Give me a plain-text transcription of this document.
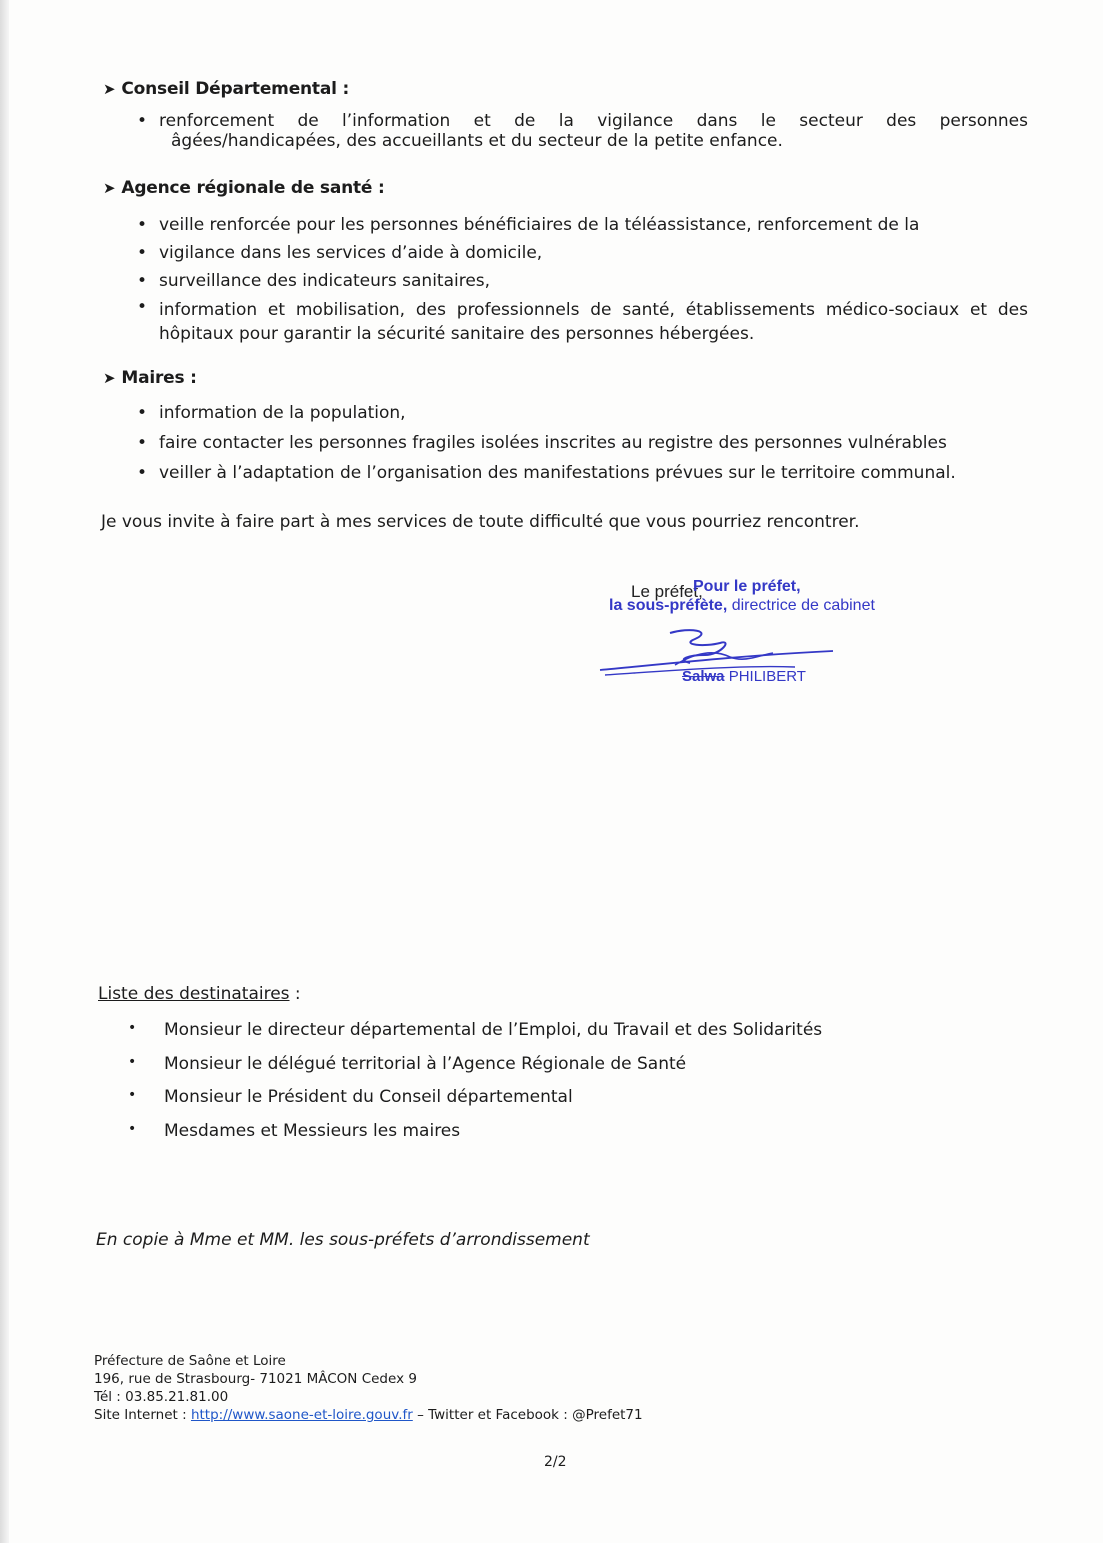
➤ Conseil Départemental :
• renforcement de l’information et de la vigilance dans le secteur des personnes
âgées/handicapées, des accueillants et du secteur de la petite enfance.
➤ Agence régionale de santé :
• veille renforcée pour les personnes bénéficiaires de la téléassistance, renforcement de la
• vigilance dans les services d’aide à domicile,
• surveillance des indicateurs sanitaires,
• information et mobilisation, des professionnels de santé, établissements médico-sociaux et des
hôpitaux pour garantir la sécurité sanitaire des personnes hébergées.
➤ Maires :
• information de la population,
• faire contacter les personnes fragiles isolées inscrites au registre des personnes vulnérables
• veiller à l’adaptation de l’organisation des manifestations prévues sur le territoire communal.
Je vous invite à faire part à mes services de toute difficulté que vous pourriez rencontrer.
Le préfet,
Pour le préfet,
la sous-préfète, directrice de cabinet
Salwa PHILIBERT
Liste des destinataires :
• Monsieur le directeur départemental de l’Emploi, du Travail et des Solidarités
• Monsieur le délégué territorial à l’Agence Régionale de Santé
• Monsieur le Président du Conseil départemental
• Mesdames et Messieurs les maires
En copie à Mme et MM. les sous-préfets d’arrondissement
Préfecture de Saône et Loire
196, rue de Strasbourg- 71021 MÂCON Cedex 9
Tél : 03.85.21.81.00
Site Internet : http://www.saone-et-loire.gouv.fr – Twitter et Facebook : @Prefet71
2/2
